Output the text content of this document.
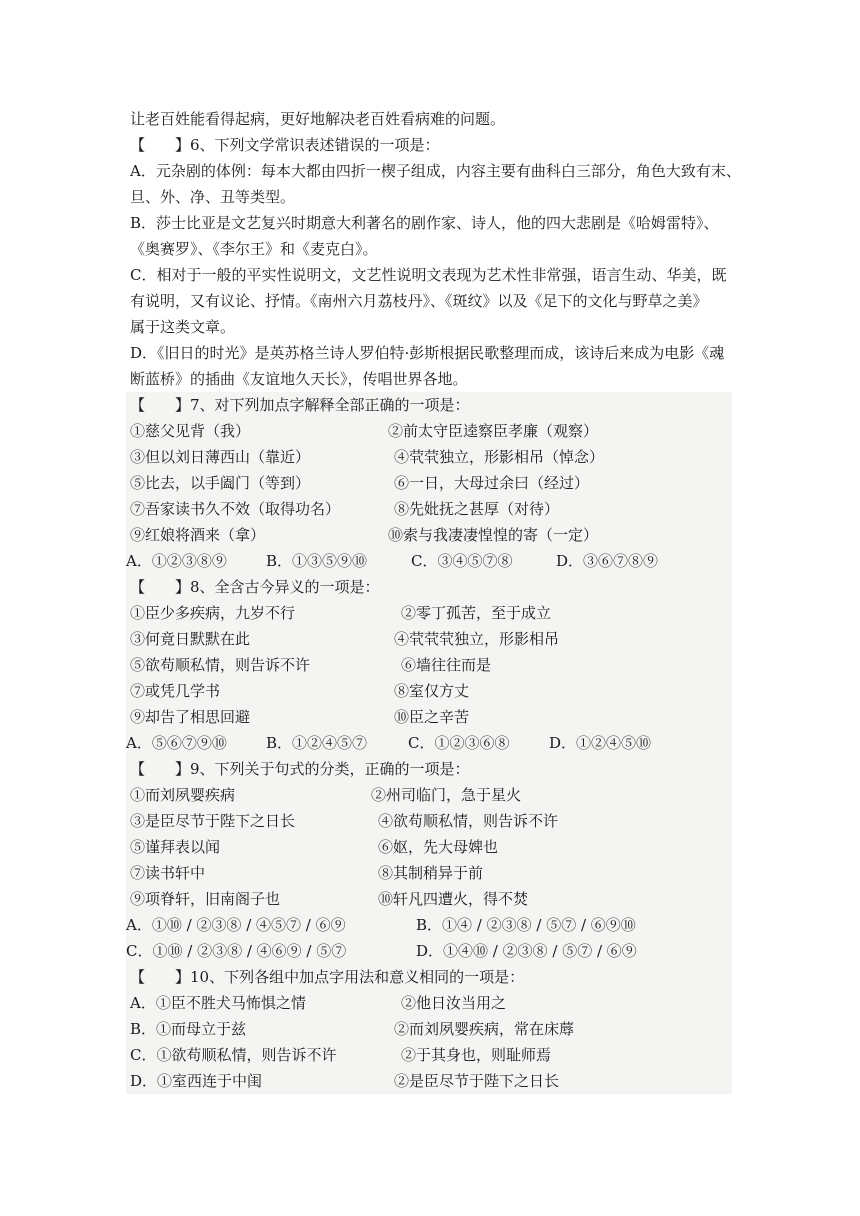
让老百姓能看得起病，更好地解决老百姓看病难的问题。
【　　】6、下列文学常识表述错误的一项是：
A．元杂剧的体例：每本大都由四折一楔子组成，内容主要有曲科白三部分，角色大致有末、
旦、外、净、丑等类型。
B．莎士比亚是文艺复兴时期意大利著名的剧作家、诗人，他的四大悲剧是《哈姆雷特》、
《奥赛罗》、《李尔王》和《麦克白》。
C．相对于一般的平实性说明文，文艺性说明文表现为艺术性非常强，语言生动、华美，既
有说明，又有议论、抒情。《南州六月荔枝丹》、《斑纹》以及《足下的文化与野草之美》
属于这类文章。
D．《旧日的时光》是英苏格兰诗人罗伯特·彭斯根据民歌整理而成，该诗后来成为电影《魂
断蓝桥》的插曲《友谊地久天长》，传唱世界各地。
【　　】7、对下列加点字解释全部正确的一项是：
①慈父见背（我）	②前太守臣逵察臣孝廉（观察）
③但以刘日薄西山（靠近）	④茕茕独立，形影相吊（悼念）
⑤比去，以手阖门（等到）	⑥一日，大母过余曰（经过）
⑦吾家读书久不效（取得功名）	⑧先妣抚之甚厚（对待）
⑨红娘将酒来（拿）	⑩索与我凄凄惶惶的寄（一定）
A．①②③⑧⑨	B．①③⑤⑨⑩	C．③④⑤⑦⑧	D．③⑥⑦⑧⑨
【　　】8、全含古今异义的一项是：
①臣少多疾病，九岁不行	②零丁孤苦，至于成立
③何竟日默默在此	④茕茕茕独立，形影相吊
⑤欲苟顺私情，则告诉不许	⑥墙往往而是
⑦或凭几学书	⑧室仅方丈
⑨却告了相思回避	⑩臣之辛苦
A．⑤⑥⑦⑨⑩	B．①②④⑤⑦	C．①②③⑥⑧	D．①②④⑤⑩
【　　】9、下列关于句式的分类，正确的一项是：
①而刘夙婴疾病	②州司临门，急于星火
③是臣尽节于陛下之日长	④欲苟顺私情，则告诉不许
⑤谨拜表以闻	⑥妪，先大母婢也
⑦读书轩中	⑧其制稍异于前
⑨项脊轩，旧南阁子也	⑩轩凡四遭火，得不焚
A．①⑩ / ②③⑧ / ④⑤⑦ / ⑥⑨	B．①④ / ②③⑧ / ⑤⑦ / ⑥⑨⑩
C．①⑩ / ②③⑧ / ④⑥⑨ / ⑤⑦	D．①④⑩ / ②③⑧ / ⑤⑦ / ⑥⑨
【　　】10、下列各组中加点字用法和意义相同的一项是：
A．①臣不胜犬马怖惧之情	②他日汝当用之
B．①而母立于兹	②而刘夙婴疾病，常在床蓐
C．①欲苟顺私情，则告诉不许	②于其身也，则耻师焉
D．①室西连于中闺	②是臣尽节于陛下之日长
